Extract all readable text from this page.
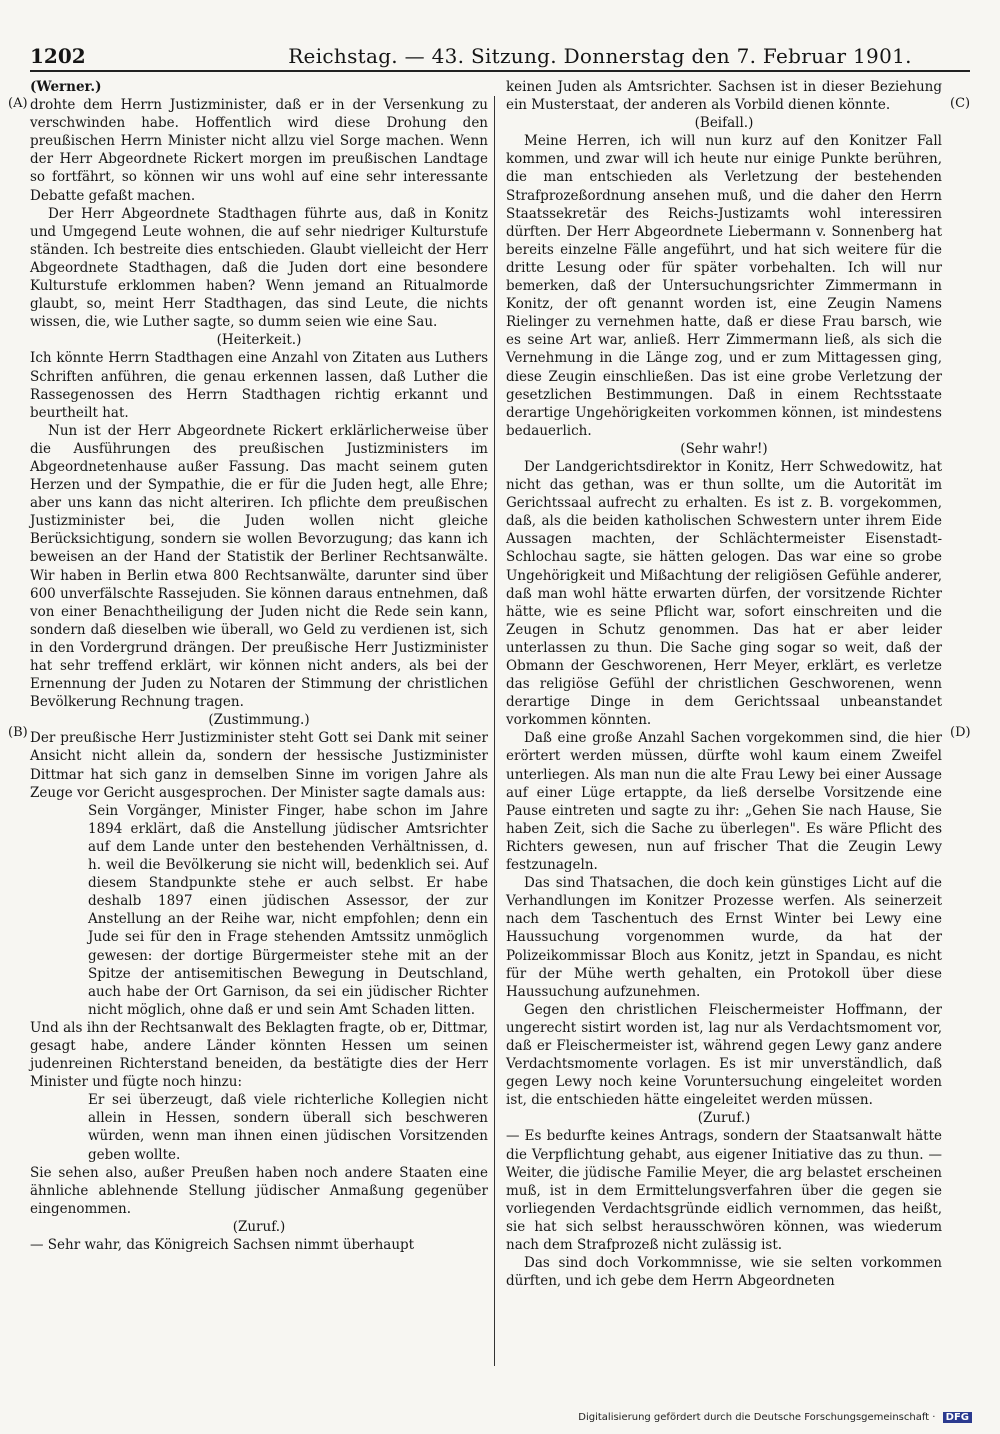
1202	Reichstag. — 43. Sitzung. Donnerstag den 7. Februar 1901.
(A)
(B)
(C)
(D)

(Werner.)

drohte dem Herrn Justizminister, daß er in der Versenkung zu verschwinden habe. Hoffentlich wird diese Drohung den preußischen Herrn Minister nicht allzu viel Sorge machen. Wenn der Herr Abgeordnete Rickert morgen im preußischen Landtage so fortfährt, so können wir uns wohl auf eine sehr interessante Debatte gefaßt machen.

Der Herr Abgeordnete Stadthagen führte aus, daß in Konitz und Umgegend Leute wohnen, die auf sehr niedriger Kulturstufe ständen. Ich bestreite dies entschieden. Glaubt vielleicht der Herr Abgeordnete Stadthagen, daß die Juden dort eine besondere Kulturstufe erklommen haben? Wenn jemand an Ritualmorde glaubt, so, meint Herr Stadthagen, das sind Leute, die nichts wissen, die, wie Luther sagte, so dumm seien wie eine Sau.

(Heiterkeit.)

Ich könnte Herrn Stadthagen eine Anzahl von Zitaten aus Luthers Schriften anführen, die genau erkennen lassen, daß Luther die Rassegenossen des Herrn Stadthagen richtig erkannt und beurtheilt hat.

Nun ist der Herr Abgeordnete Rickert erklärlicherweise über die Ausführungen des preußischen Justizministers im Abgeordnetenhause außer Fassung. Das macht seinem guten Herzen und der Sympathie, die er für die Juden hegt, alle Ehre; aber uns kann das nicht alteriren. Ich pflichte dem preußischen Justizminister bei, die Juden wollen nicht gleiche Berücksichtigung, sondern sie wollen Bevorzugung; das kann ich beweisen an der Hand der Statistik der Berliner Rechtsanwälte. Wir haben in Berlin etwa 800 Rechtsanwälte, darunter sind über 600 unverfälschte Rassejuden. Sie können daraus entnehmen, daß von einer Benachtheiligung der Juden nicht die Rede sein kann, sondern daß dieselben wie überall, wo Geld zu verdienen ist, sich in den Vordergrund drängen. Der preußische Herr Justizminister hat sehr treffend erklärt, wir können nicht anders, als bei der Ernennung der Juden zu Notaren der Stimmung der christlichen Bevölkerung Rechnung tragen.

(Zustimmung.)

Der preußische Herr Justizminister steht Gott sei Dank mit seiner Ansicht nicht allein da, sondern der hessische Justizminister Dittmar hat sich ganz in demselben Sinne im vorigen Jahre als Zeuge vor Gericht ausgesprochen. Der Minister sagte damals aus:

Sein Vorgänger, Minister Finger, habe schon im Jahre 1894 erklärt, daß die Anstellung jüdischer Amtsrichter auf dem Lande unter den bestehenden Verhältnissen, d. h. weil die Bevölkerung sie nicht will, bedenklich sei. Auf diesem Standpunkte stehe er auch selbst. Er habe deshalb 1897 einen jüdischen Assessor, der zur Anstellung an der Reihe war, nicht empfohlen; denn ein Jude sei für den in Frage stehenden Amtssitz unmöglich gewesen: der dortige Bürgermeister stehe mit an der Spitze der antisemitischen Bewegung in Deutschland, auch habe der Ort Garnison, da sei ein jüdischer Richter nicht möglich, ohne daß er und sein Amt Schaden litten.

Und als ihn der Rechtsanwalt des Beklagten fragte, ob er, Dittmar, gesagt habe, andere Länder könnten Hessen um seinen judenreinen Richterstand beneiden, da bestätigte dies der Herr Minister und fügte noch hinzu:

Er sei überzeugt, daß viele richterliche Kollegien nicht allein in Hessen, sondern überall sich beschweren würden, wenn man ihnen einen jüdischen Vorsitzenden geben wollte.

Sie sehen also, außer Preußen haben noch andere Staaten eine ähnliche ablehnende Stellung jüdischer Anmaßung gegenüber eingenommen.

(Zuruf.)

— Sehr wahr, das Königreich Sachsen nimmt überhaupt

keinen Juden als Amtsrichter. Sachsen ist in dieser Beziehung ein Musterstaat, der anderen als Vorbild dienen könnte.

(Beifall.)

Meine Herren, ich will nun kurz auf den Konitzer Fall kommen, und zwar will ich heute nur einige Punkte berühren, die man entschieden als Verletzung der bestehenden Strafprozeßordnung ansehen muß, und die daher den Herrn Staatssekretär des Reichs-Justizamts wohl interessiren dürften. Der Herr Abgeordnete Liebermann v. Sonnenberg hat bereits einzelne Fälle angeführt, und hat sich weitere für die dritte Lesung oder für später vorbehalten. Ich will nur bemerken, daß der Untersuchungsrichter Zimmermann in Konitz, der oft genannt worden ist, eine Zeugin Namens Rielinger zu vernehmen hatte, daß er diese Frau barsch, wie es seine Art war, anließ. Herr Zimmermann ließ, als sich die Vernehmung in die Länge zog, und er zum Mittagessen ging, diese Zeugin einschließen. Das ist eine grobe Verletzung der gesetzlichen Bestimmungen. Daß in einem Rechtsstaate derartige Ungehörigkeiten vorkommen können, ist mindestens bedauerlich.

(Sehr wahr!)

Der Landgerichtsdirektor in Konitz, Herr Schwedowitz, hat nicht das gethan, was er thun sollte, um die Autorität im Gerichtssaal aufrecht zu erhalten. Es ist z. B. vorgekommen, daß, als die beiden katholischen Schwestern unter ihrem Eide Aussagen machten, der Schlächtermeister Eisenstadt-Schlochau sagte, sie hätten gelogen. Das war eine so grobe Ungehörigkeit und Mißachtung der religiösen Gefühle anderer, daß man wohl hätte erwarten dürfen, der vorsitzende Richter hätte, wie es seine Pflicht war, sofort einschreiten und die Zeugen in Schutz genommen. Das hat er aber leider unterlassen zu thun. Die Sache ging sogar so weit, daß der Obmann der Geschworenen, Herr Meyer, erklärt, es verletze das religiöse Gefühl der christlichen Geschworenen, wenn derartige Dinge in dem Gerichtssaal unbeanstandet vorkommen könnten.

Daß eine große Anzahl Sachen vorgekommen sind, die hier erörtert werden müssen, dürfte wohl kaum einem Zweifel unterliegen. Als man nun die alte Frau Lewy bei einer Aussage auf einer Lüge ertappte, da ließ derselbe Vorsitzende eine Pause eintreten und sagte zu ihr: „Gehen Sie nach Hause, Sie haben Zeit, sich die Sache zu überlegen". Es wäre Pflicht des Richters gewesen, nun auf frischer That die Zeugin Lewy festzunageln.

Das sind Thatsachen, die doch kein günstiges Licht auf die Verhandlungen im Konitzer Prozesse werfen. Als seinerzeit nach dem Taschentuch des Ernst Winter bei Lewy eine Haussuchung vorgenommen wurde, da hat der Polizeikommissar Bloch aus Konitz, jetzt in Spandau, es nicht für der Mühe werth gehalten, ein Protokoll über diese Haussuchung aufzunehmen.

Gegen den christlichen Fleischermeister Hoffmann, der ungerecht sistirt worden ist, lag nur als Verdachtsmoment vor, daß er Fleischermeister ist, während gegen Lewy ganz andere Verdachtsmomente vorlagen. Es ist mir unverständlich, daß gegen Lewy noch keine Voruntersuchung eingeleitet worden ist, die entschieden hätte eingeleitet werden müssen.

(Zuruf.)

— Es bedurfte keines Antrags, sondern der Staatsanwalt hätte die Verpflichtung gehabt, aus eigener Initiative das zu thun. — Weiter, die jüdische Familie Meyer, die arg belastet erscheinen muß, ist in dem Ermittelungsverfahren über die gegen sie vorliegenden Verdachtsgründe eidlich vernommen, das heißt, sie hat sich selbst herausschwören können, was wiederum nach dem Strafprozeß nicht zulässig ist.

Das sind doch Vorkommnisse, wie sie selten vorkommen dürften, und ich gebe dem Herrn Abgeordneten

Digitalisierung gefördert durch die Deutsche Forschungsgemeinschaft · DFG
